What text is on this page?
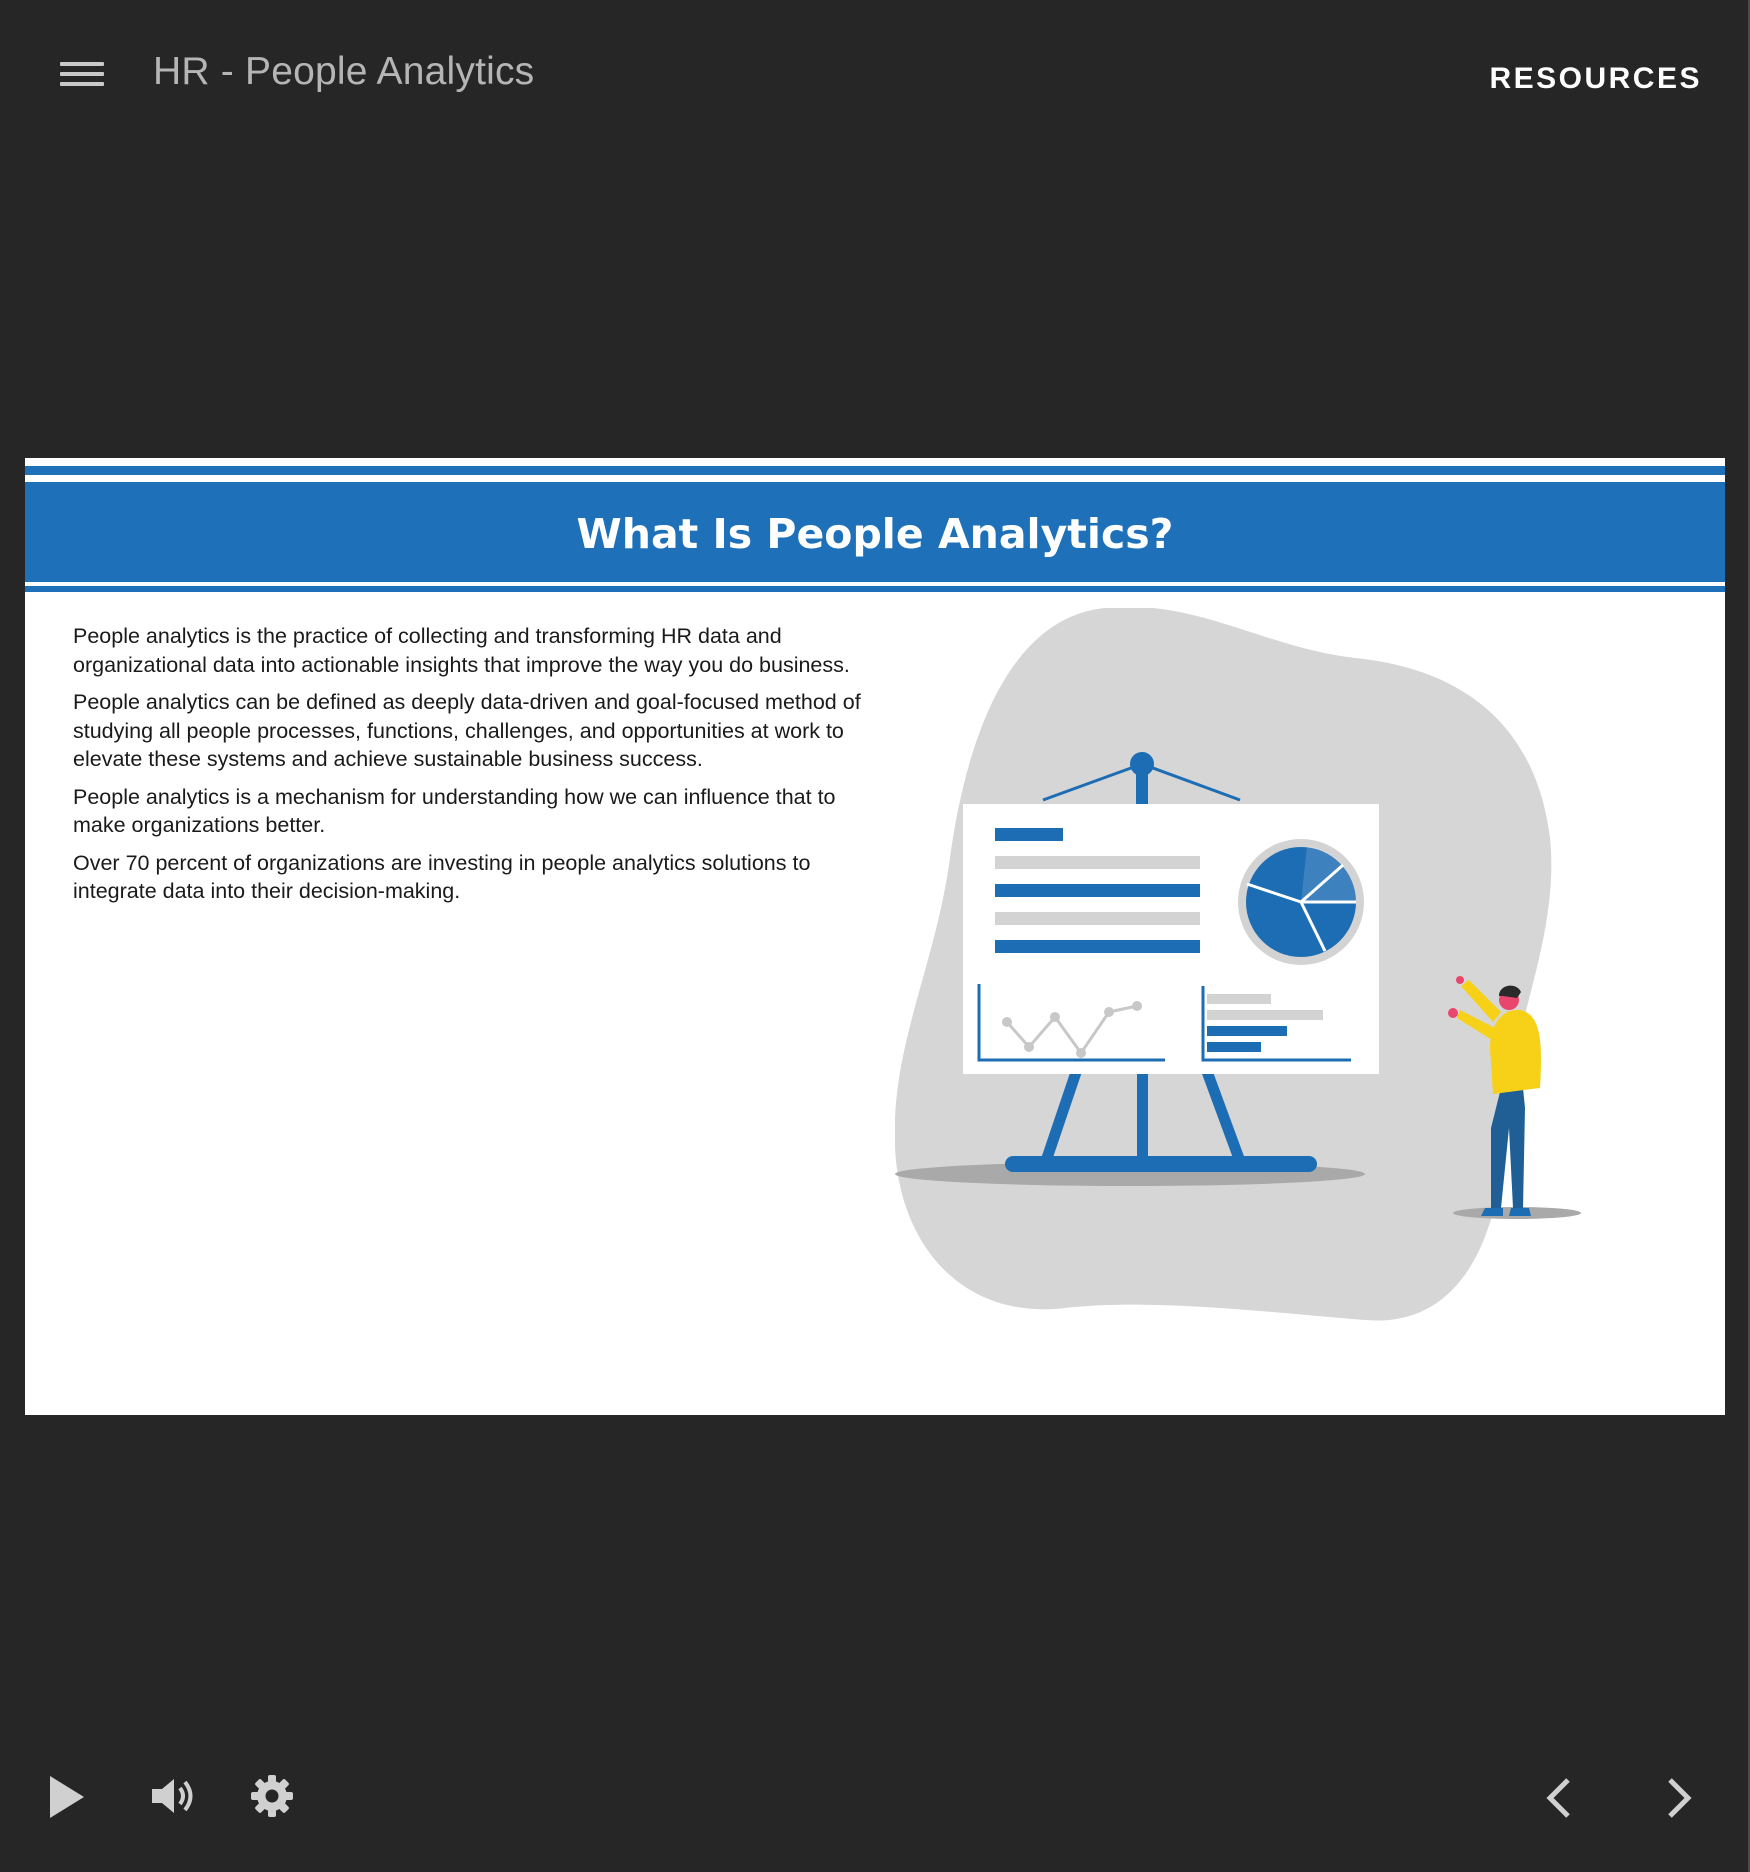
HR - People Analytics	RESOURCES
What Is People Analytics?

People analytics is the practice of collecting and transforming HR data and organizational data into actionable insights that improve the way you do business.

People analytics can be defined as deeply data-driven and goal-focused method of studying all people processes, functions, challenges, and opportunities at work to elevate these systems and achieve sustainable business success.

People analytics is a mechanism for understanding how we can influence that to make organizations better.

Over 70 percent of organizations are investing in people analytics solutions to integrate data into their decision-making.
